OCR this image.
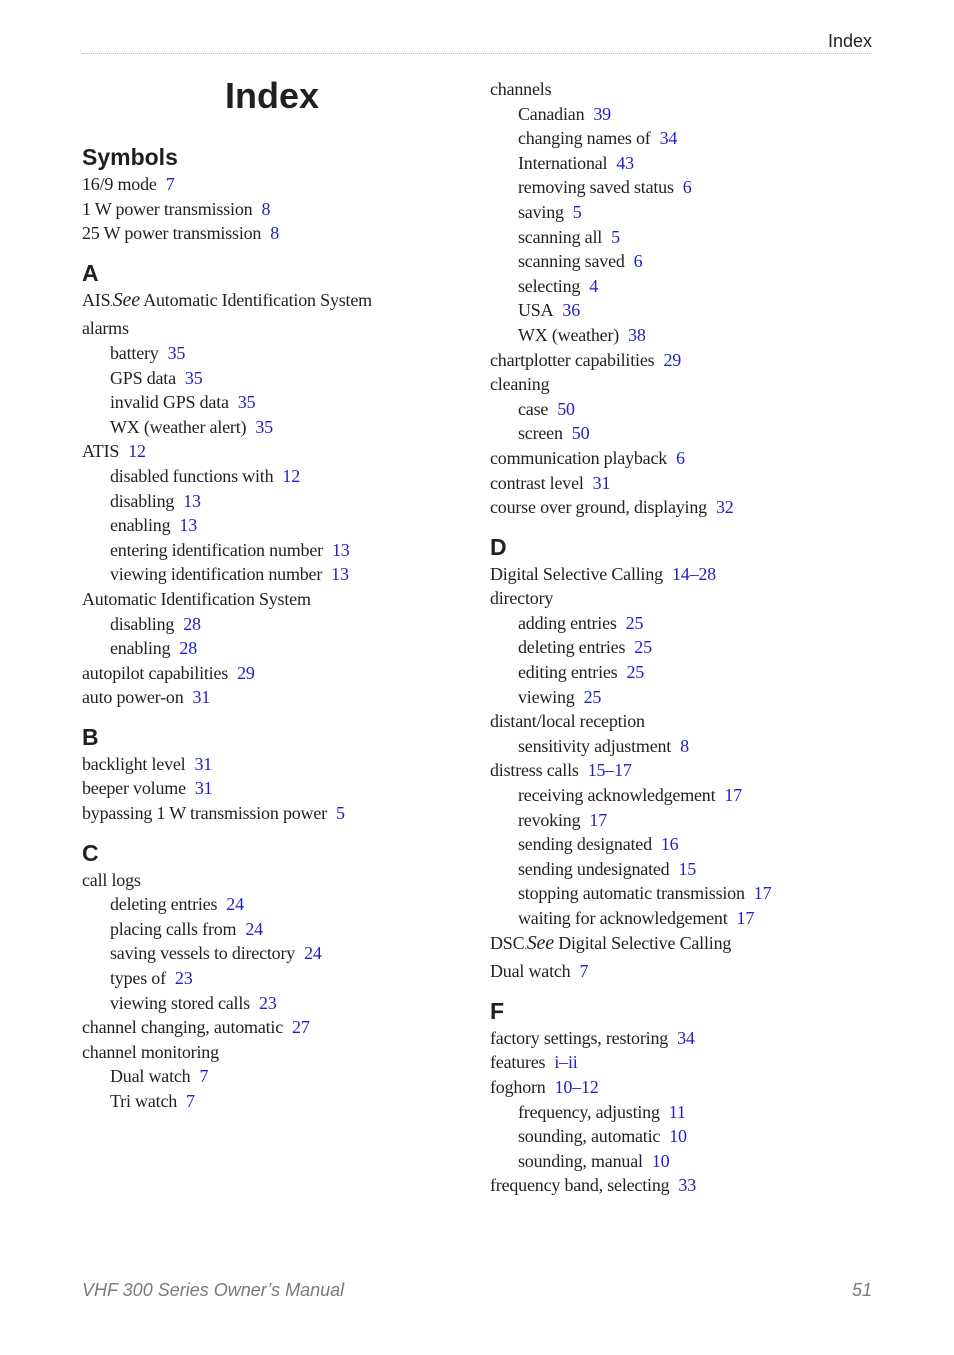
Index
Index
Symbols
16/9 mode 7
1 W power transmission 8
25 W power transmission 8
A
AIS.See Automatic Identification System
alarms
battery 35
GPS data 35
invalid GPS data 35
WX (weather alert) 35
ATIS 12
disabled functions with 12
disabling 13
enabling 13
entering identification number 13
viewing identification number 13
Automatic Identification System
disabling 28
enabling 28
autopilot capabilities 29
auto power-on 31
B
backlight level 31
beeper volume 31
bypassing 1 W transmission power 5
C
call logs
deleting entries 24
placing calls from 24
saving vessels to directory 24
types of 23
viewing stored calls 23
channel changing, automatic 27
channel monitoring
Dual watch 7
Tri watch 7
channels
Canadian 39
changing names of 34
International 43
removing saved status 6
saving 5
scanning all 5
scanning saved 6
selecting 4
USA 36
WX (weather) 38
chartplotter capabilities 29
cleaning
case 50
screen 50
communication playback 6
contrast level 31
course over ground, displaying 32
D
Digital Selective Calling 14–28
directory
adding entries 25
deleting entries 25
editing entries 25
viewing 25
distant/local reception
sensitivity adjustment 8
distress calls 15–17
receiving acknowledgement 17
revoking 17
sending designated 16
sending undesignated 15
stopping automatic transmission 17
waiting for acknowledgement 17
DSC.See Digital Selective Calling
Dual watch 7
F
factory settings, restoring 34
features i–ii
foghorn 10–12
frequency, adjusting 11
sounding, automatic 10
sounding, manual 10
frequency band, selecting 33
VHF 300 Series Owner’s Manual	51
